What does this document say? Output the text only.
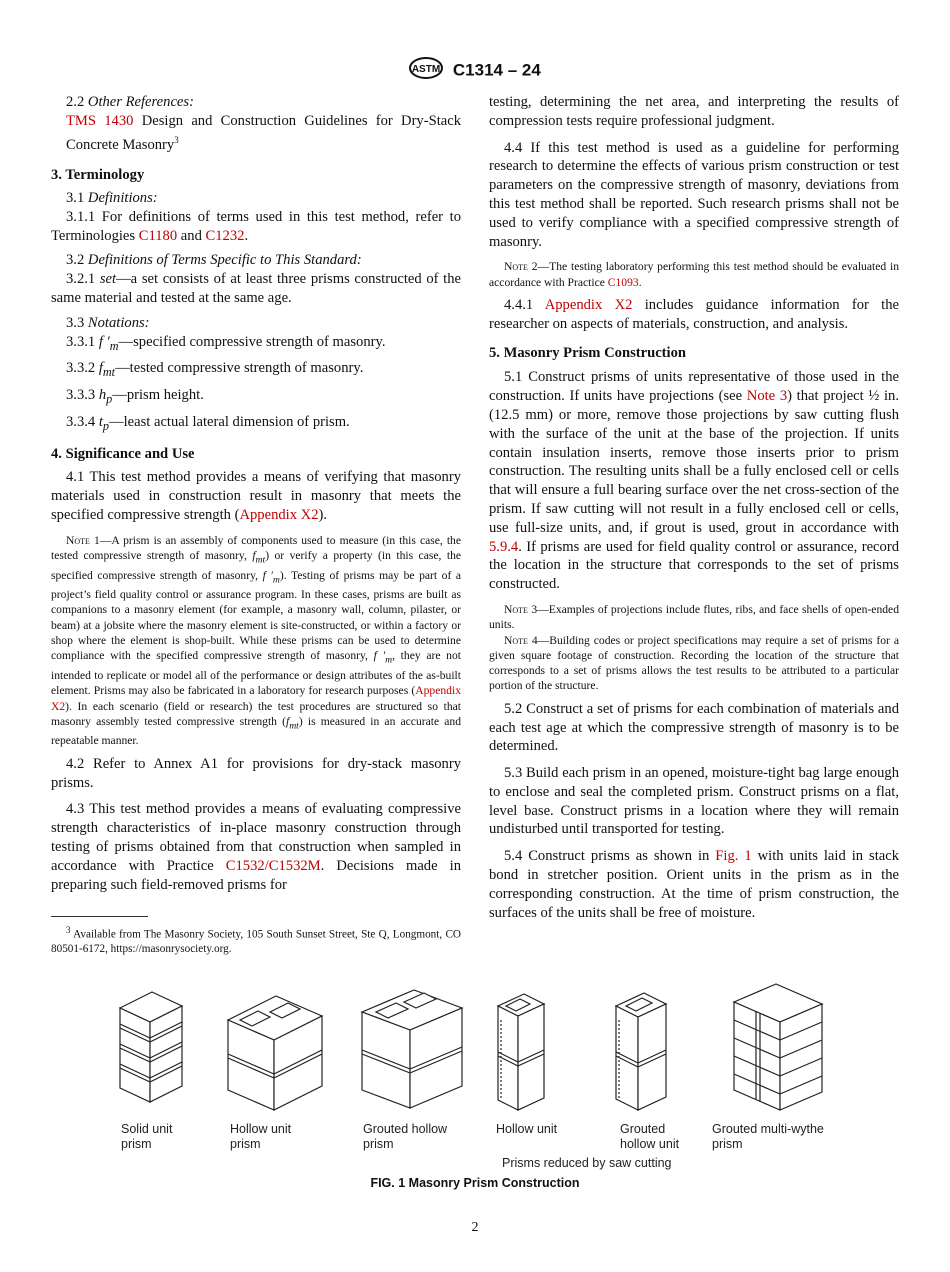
ASTM C1314 – 24

2.2 Other References:

TMS 1430 Design and Construction Guidelines for Dry-Stack Concrete Masonry$^3$

3. Terminology

3.1 Definitions:

3.1.1 For definitions of terms used in this test method, refer to Terminologies C1180 and C1232.

3.2 Definitions of Terms Specific to This Standard:

3.2.1 set—a set consists of at least three prisms constructed of the same material and tested at the same age.

3.3 Notations:

3.3.1 f $'_m—specified$ compressive strength of masonry.

3.3.2 $f_{mt}—tested$ compressive strength of masonry.

3.3.3 $h_p—prism$ height.

3.3.4 $t_p—least$ actual lateral dimension of prism.

4. Significance and Use

4.1 This test method provides a means of verifying that masonry materials used in construction result in masonry that meets the specified compressive strength (Appendix X2).

Note 1—A prism is an assembly of components used to measure (in this case, the tested compressive strength of masonry, $f_{mt}$) or verify a property (in this case, the specified compressive strength of masonry, f $'_m$). Testing of prisms may be part of a project’s field quality control or assurance program. In these cases, prisms are built as companions to a masonry element (for example, a masonry wall, column, pilaster, or beam) at a jobsite where the masonry element is site-constructed, or within a factory or shop where the element is shop-built. While these prisms can be used to determine compliance with the specified compressive strength of masonry, f $'_m$, they are not intended to replicate or model all of the performance or design attributes of the as-built element. Prisms may also be fabricated in a laboratory for research purposes (Appendix X2). In each scenario (field or research) the test procedures are structured so that masonry assembly tested compressive strength $(f_{mt})$ is measured in an accurate and repeatable manner.

4.2 Refer to Annex A1 for provisions for dry-stack masonry prisms.

4.3 This test method provides a means of evaluating compressive strength characteristics of in-place masonry construction through testing of prisms obtained from that construction when sampled in accordance with Practice C1532/C1532M. Decisions made in preparing such field-removed prisms for

$^3$ Available from The Masonry Society, 105 South Sunset Street, Ste Q, Longmont, CO 80501-6172, https://masonrysociety.org.

testing, determining the net area, and interpreting the results of compression tests require professional judgment.

4.4 If this test method is used as a guideline for performing research to determine the effects of various prism construction or test parameters on the compressive strength of masonry, deviations from this test method shall be reported. Such research prisms shall not be used to verify compliance with a specified compressive strength of masonry.

Note 2—The testing laboratory performing this test method should be evaluated in accordance with Practice C1093.

4.4.1 Appendix X2 includes guidance information for the researcher on aspects of materials, construction, and analysis.

5. Masonry Prism Construction

5.1 Construct prisms of units representative of those used in the construction. If units have projections (see Note 3) that project ½ in. (12.5 mm) or more, remove those projections by saw cutting flush with the surface of the unit at the base of the projection. If units contain insulation inserts, remove those inserts prior to prism construction. The resulting units shall be a fully enclosed cell or cells that will ensure a full bearing surface over the net cross-section of the prism. If saw cutting will not result in a fully enclosed cell or cells, use full-size units, and, if grout is used, grout in accordance with 5.9.4. If prisms are used for field quality control or assurance, record the location in the structure that corresponds to the set of prisms constructed.

Note 3—Examples of projections include flutes, ribs, and face shells of open-ended units.

Note 4—Building codes or project specifications may require a set of prisms for a given square footage of construction. Recording the location of the structure that corresponds to a set of prisms allows the test results to be attributed to a particular portion of the structure.

5.2 Construct a set of prisms for each combination of materials and each test age at which the compressive strength of masonry is to be determined.

5.3 Build each prism in an opened, moisture-tight bag large enough to enclose and seal the completed prism. Construct prisms on a flat, level base. Construct prisms in a location where they will remain undisturbed until transported for testing.

5.4 Construct prisms as shown in Fig. 1 with units laid in stack bond in stretcher position. Orient units in the prism as in the corresponding construction. At the time of prism construction, the surfaces of the units shall be free of moisture.

Solid unit
prism
Hollow unit
prism
Grouted hollow
prism
Hollow unit	Grouted
hollow unit
Grouted multi-wythe
prism
Prisms reduced by saw cutting
FIG. 1 Masonry Prism Construction
2
